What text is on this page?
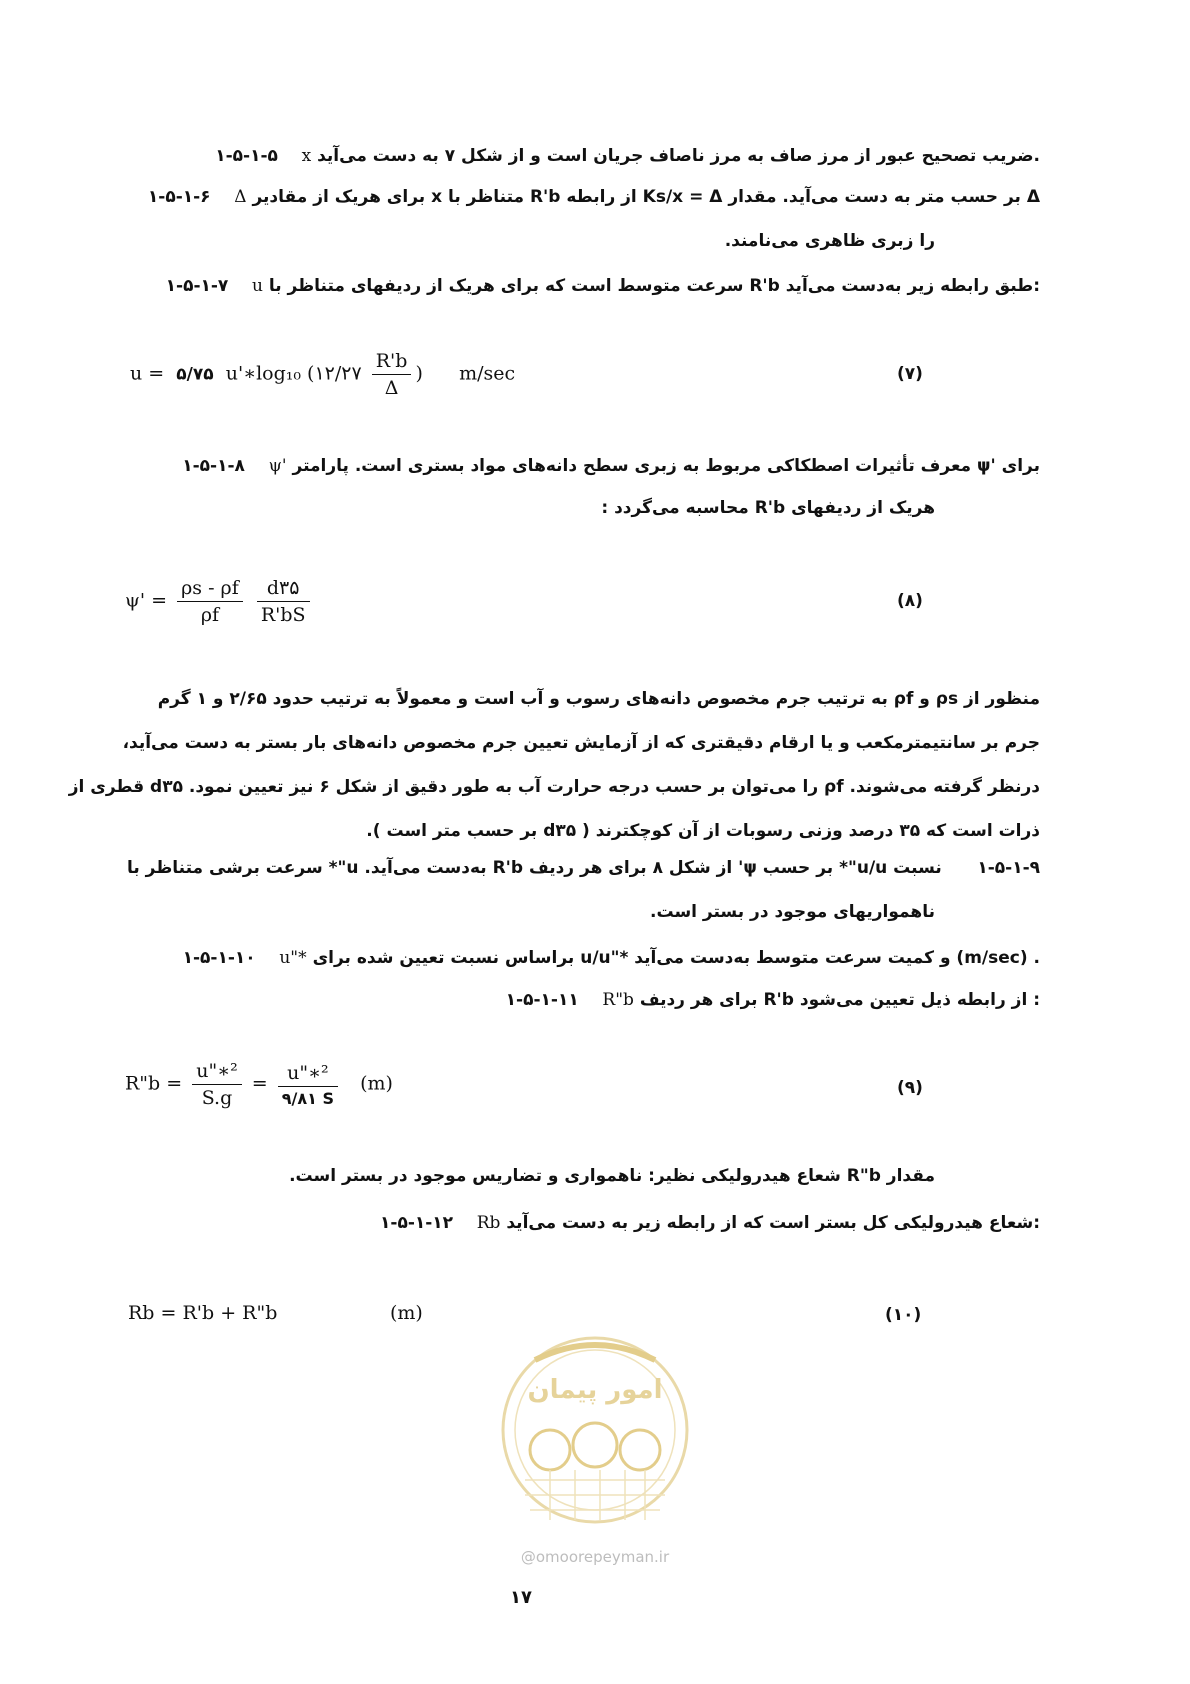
۱-۵-۱-۵ x ضریب تصحیح عبور از مرز صاف به مرز ناصاف جریان است و از شکل ۷ به دست می‌آید.
۱-۵-۱-۶ Δ برای هریک از مقادیر x متناظر با R'b از رابطه Ks/x = Δ بر حسب متر به دست می‌آید. مقدار Δ
را زبری ظاهری می‌نامند.
۱-۵-۱-۷ u سرعت متوسط است که برای هریک از ردیفهای متناظر با R'b طبق رابطه زیر به‌دست می‌آید:
u = ۵/۷۵ u'∗log₁₀ (۱۲/۲۷ $\frac{R'b}{\Delta}$ ) m/sec	(۷)
۱-۵-۱-۸ ψ' معرف تأثیرات اصطکاکی مربوط به زبری سطح دانه‌های مواد بستری است. پارامتر ψ' برای
هریک از ردیفهای R'b محاسبه می‌گردد :
$\psi' = \frac{\rho s - \rho f}{\rho f}$
$\frac{d۳۵}{R'bS}$	(۸)
منظور از ρs و ρf به ترتیب جرم مخصوص دانه‌های رسوب و آب است و معمولاً به ترتیب حدود ۲/۶۵ و ۱ گرم
جرم بر سانتیمترمکعب و یا ارقام دقیقتری که از آزمایش تعیین جرم مخصوص دانه‌های بار بستر به دست می‌آید،
درنظر گرفته می‌شوند. ρf را می‌توان بر حسب درجه حرارت آب به طور دقیق از شکل ۶ نیز تعیین نمود. d۳۵ قطری از
ذرات است که ۳۵ درصد وزنی رسوبات از آن کوچکترند ( d۳۵ بر حسب متر است ).
۱-۵-۱-۹      نسبت u/u"* بر حسب ψ' از شکل ۸ برای هر ردیف R'b به‌دست می‌آید. u"* سرعت برشی متناظر با
ناهمواریهای موجود در بستر است.
۱-۵-۱-۱۰ u"* براساس نسبت تعیین شده برای u/u"* و کمیت سرعت متوسط به‌دست می‌آید (m/sec) .
۱-۵-۱-۱۱ R"b برای هر ردیف R'b از رابطه ذیل تعیین می‌شود :
R"b = $\frac{\text{u"∗²}}{S.g} = \frac{\text{u"∗²}}{۹/۸۱ S} (m)$	(۹)
مقدار R"b شعاع هیدرولیکی نظیر: ناهمواری و تضاریس موجود در بستر است.
۱-۵-۱-۱۲ Rb شعاع هیدرولیکی کل بستر است که از رابطه زیر به دست می‌آید:
امور پیمان
@omoorepeyman.ir
Rb = R'b + R"b	(m)	(۱۰)
۱۷
